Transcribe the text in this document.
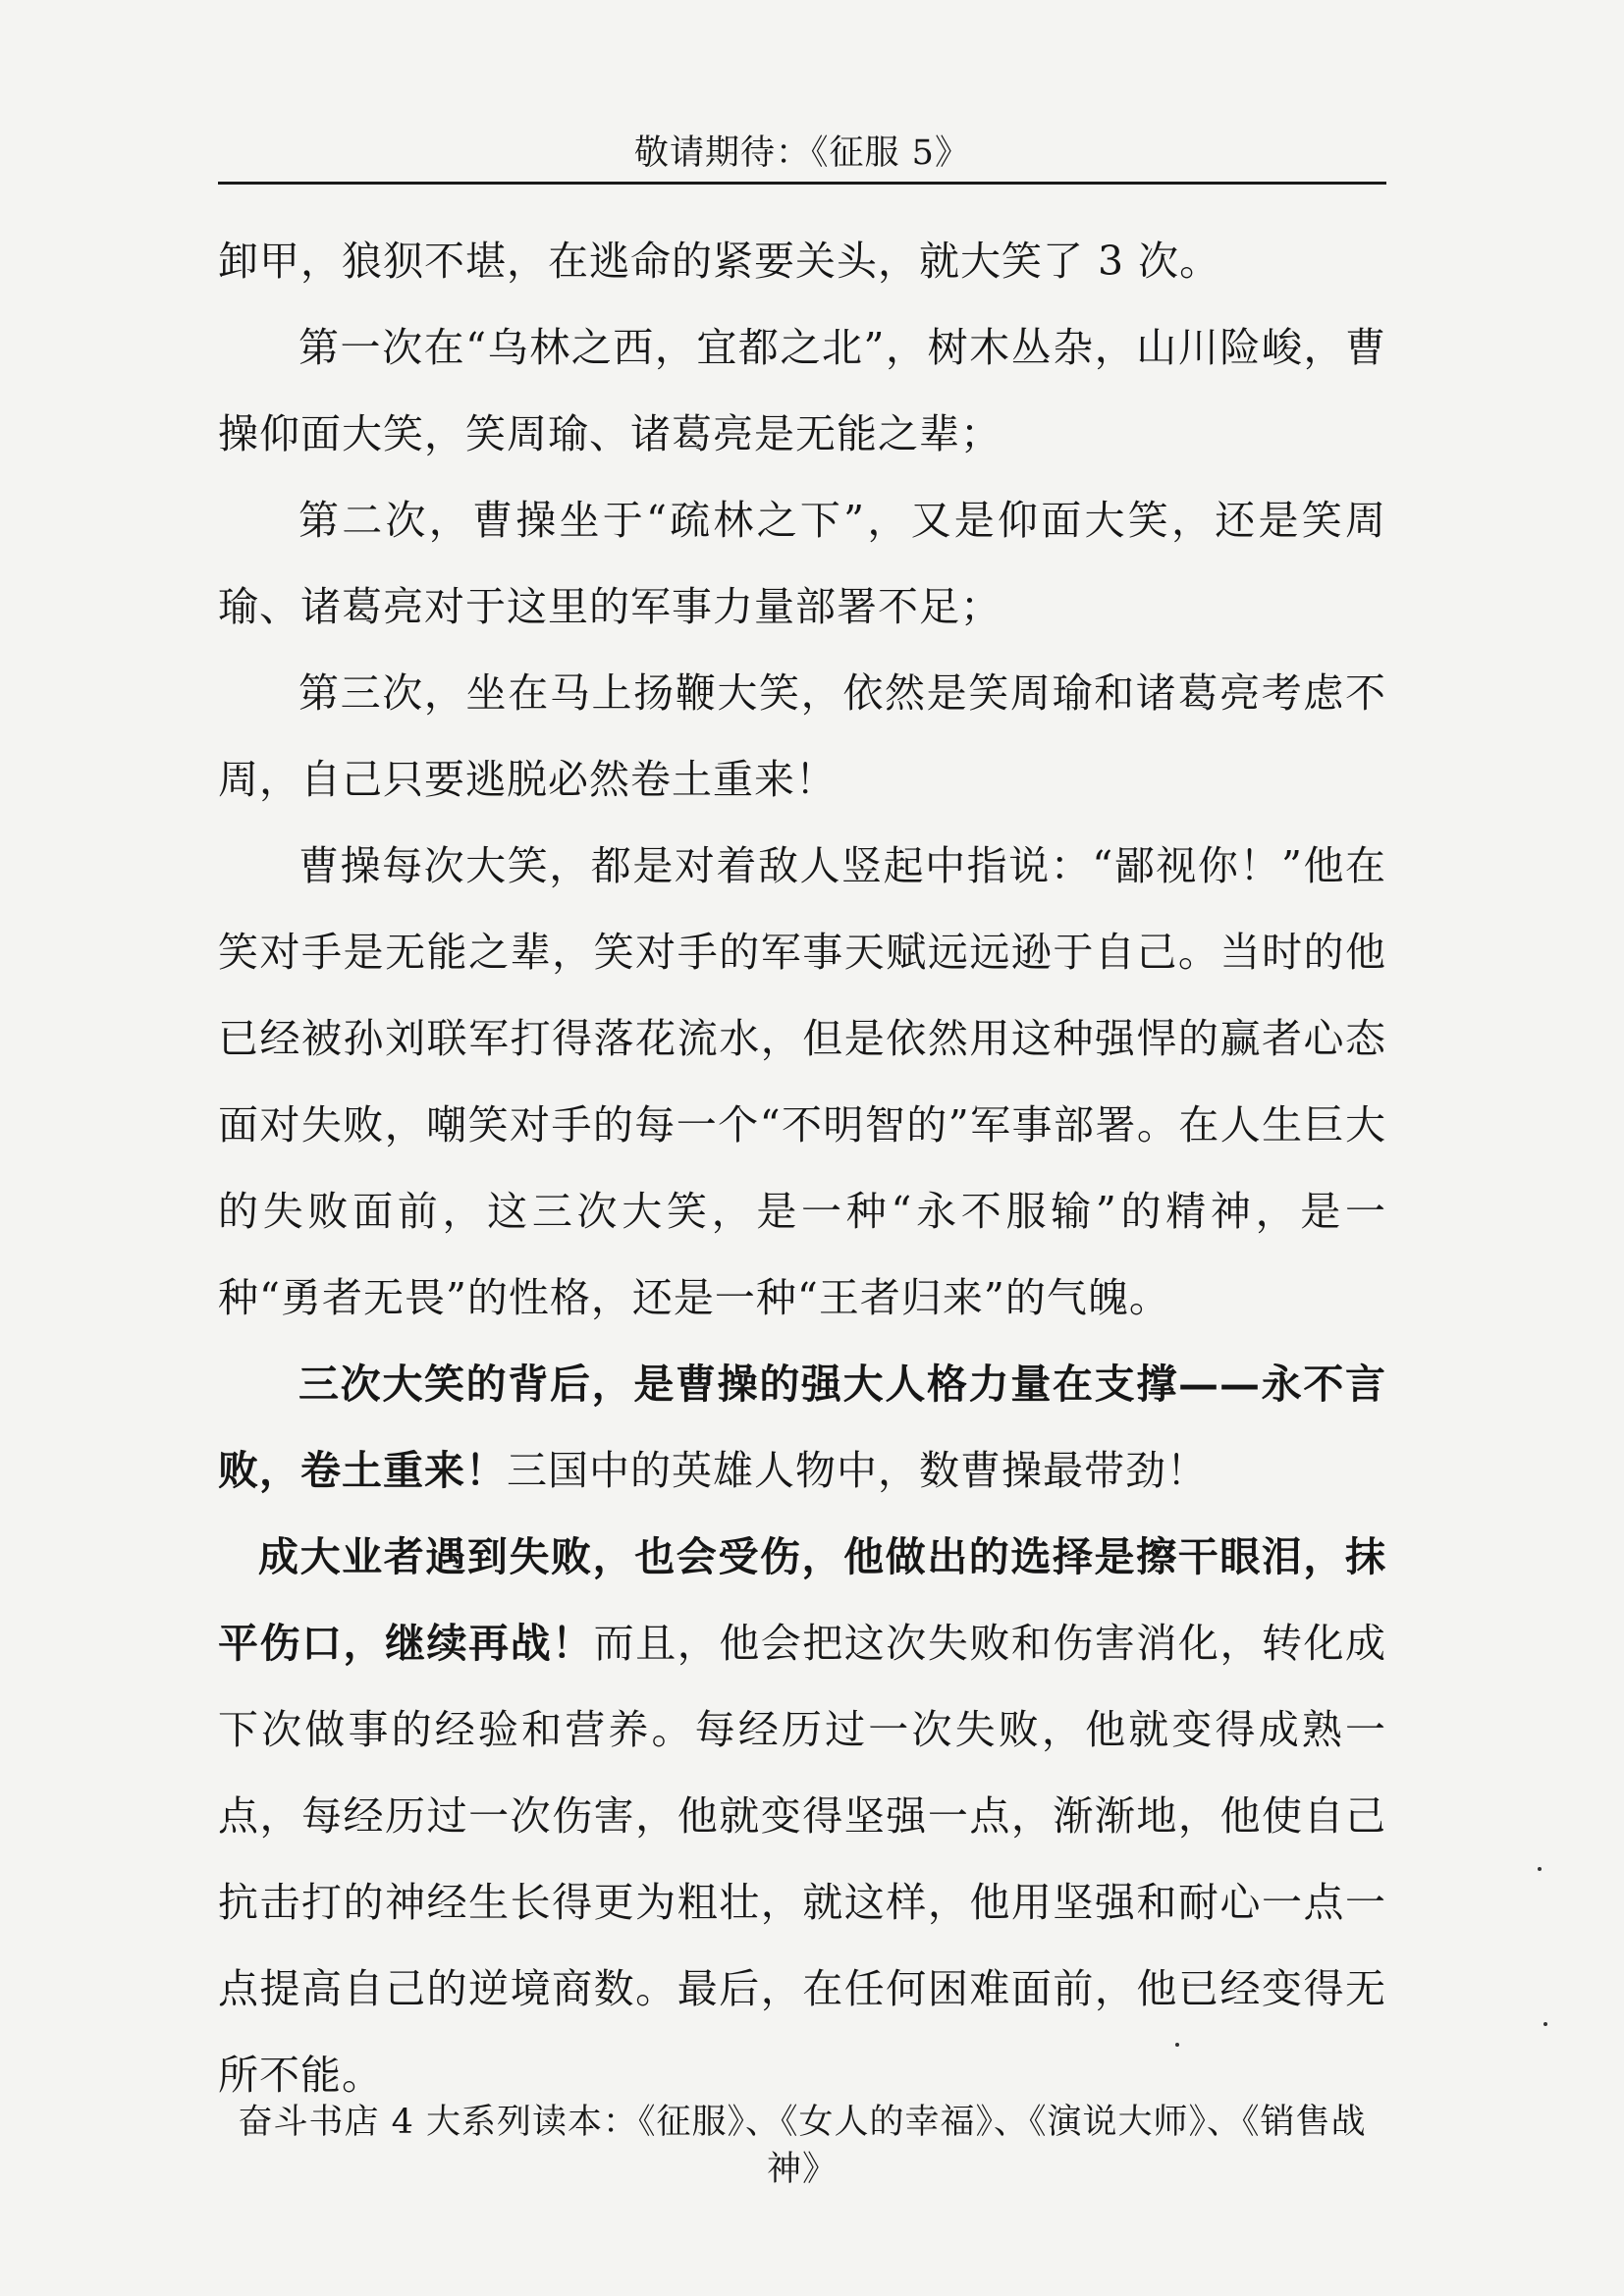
敬请期待：《征服 5》

卸甲，狼狈不堪，在逃命的紧要关头，就大笑了 3 次。

第一次在“乌林之西，宜都之北”，树木丛杂，山川险峻，曹操仰面大笑，笑周瑜、诸葛亮是无能之辈；

第二次，曹操坐于“疏林之下”，又是仰面大笑，还是笑周瑜、诸葛亮对于这里的军事力量部署不足；

第三次，坐在马上扬鞭大笑，依然是笑周瑜和诸葛亮考虑不周，自己只要逃脱必然卷土重来！

曹操每次大笑，都是对着敌人竖起中指说：“鄙视你！”他在笑对手是无能之辈，笑对手的军事天赋远远逊于自己。当时的他已经被孙刘联军打得落花流水，但是依然用这种强悍的赢者心态面对失败，嘲笑对手的每一个“不明智的”军事部署。在人生巨大的失败面前，这三次大笑，是一种“永不服输”的精神，是一种“勇者无畏”的性格，还是一种“王者归来”的气魄。

三次大笑的背后，是曹操的强大人格力量在支撑——永不言败，卷土重来！三国中的英雄人物中，数曹操最带劲！

成大业者遇到失败，也会受伤，他做出的选择是擦干眼泪，抹平伤口，继续再战！而且，他会把这次失败和伤害消化，转化成下次做事的经验和营养。每经历过一次失败，他就变得成熟一点，每经历过一次伤害，他就变得坚强一点，渐渐地，他使自己抗击打的神经生长得更为粗壮，就这样，他用坚强和耐心一点一点提高自己的逆境商数。最后，在任何困难面前，他已经变得无所不能。

奋斗书店 4 大系列读本：《征服》、《女人的幸福》、《演说大师》、《销售战神》
